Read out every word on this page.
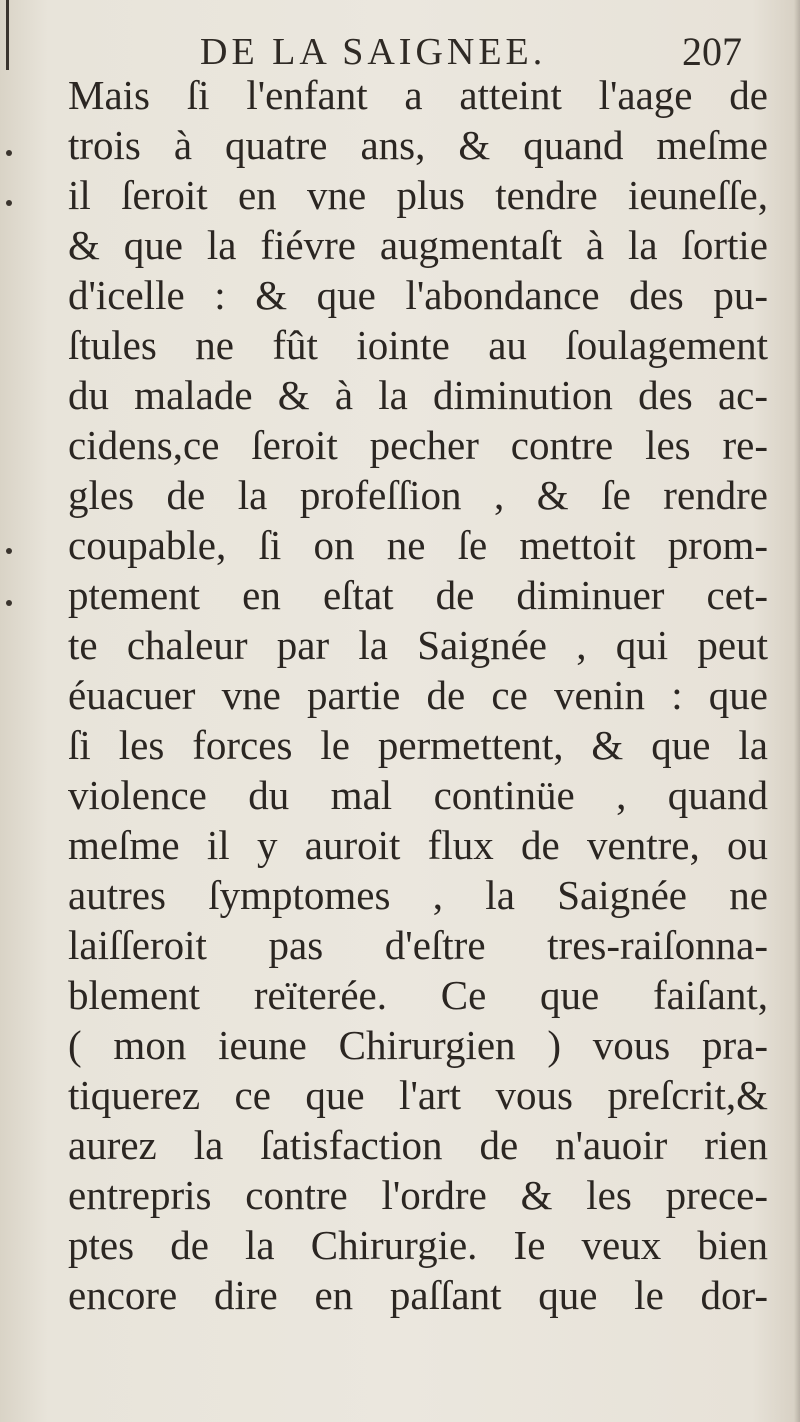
DE LA SAIGNEE.	207
Mais ſi l'enfant a atteint l'aage de
trois à quatre ans, & quand meſme
il ſeroit en vne plus tendre ieuneſſe,
& que la fiévre augmentaſt à la ſortie
d'icelle : & que l'abondance des pu-
ſtules ne fût iointe au ſoulagement
du malade & à la diminution des ac-
cidens,ce ſeroit pecher contre les re-
gles de la profeſſion , & ſe rendre
coupable, ſi on ne ſe mettoit prom-
ptement en eſtat de diminuer cet-
te chaleur par la Saignée , qui peut
éuacuer vne partie de ce venin : que
ſi les forces le permettent, & que la
violence du mal continüe , quand
meſme il y auroit flux de ventre, ou
autres ſymptomes , la Saignée ne
laiſſeroit pas d'eſtre tres-raiſonna-
blement reïterée. Ce que faiſant,
( mon ieune Chirurgien ) vous pra-
tiquerez ce que l'art vous preſcrit,&
aurez la ſatisfaction de n'auoir rien
entrepris contre l'ordre & les prece-
ptes de la Chirurgie. Ie veux bien
encore dire en paſſant que le dor-
